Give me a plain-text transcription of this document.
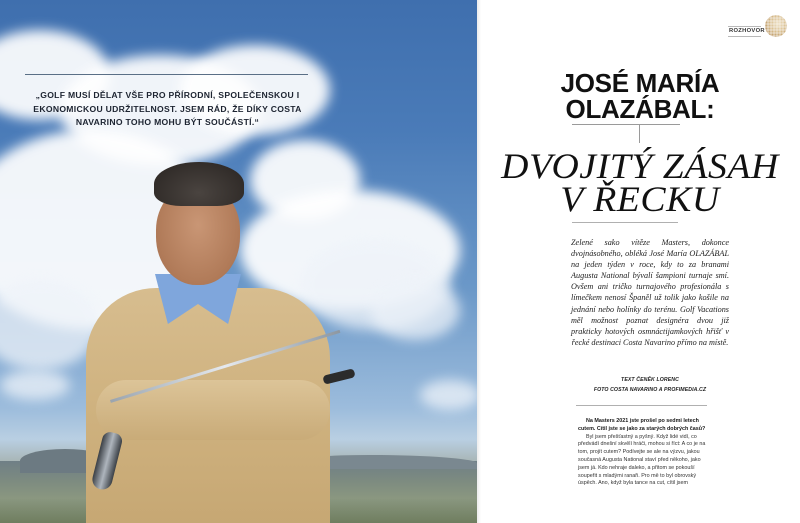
„GOLF MUSÍ DĚLAT VŠE PRO PŘÍRODNÍ, SPOLEČENSKOU I EKONOMICKOU UDRŽITELNOST. JSEM RÁD, ŽE DÍKY COSTA NAVARINO TOHO MOHU BÝT SOUČÁSTÍ.“
ROZHOVOR
JOSÉ MARÍA OLAZÁBAL:
DVOJITÝ ZÁSAH V ŘECKU
Zelené sako vítěze Masters, dokonce dvojnásobného, obléká José María OLAZÁBAL na jeden týden v roce, kdy to za branami Augusta National bývalí šampioni turnaje smí. Ovšem ani tričko turnajového profesionála s límečkem nenosí Španěl už tolik jako košile na jednání nebo holínky do terénu. Golf Vacations měl možnost poznat designéra dvou již prakticky hotových osmnáctijamkových hřišť v řecké destinaci Costa Navarino přímo na místě.
TEXT ČENĚK LORENC
FOTO COSTA NAVARINO A PROFIMEDIA.CZ

Na Masters 2021 jste prošel po sedmi letech cutem. Cítil jste se jako za starých dobrých časů?

Byl jsem přešťastný a pyšný. Když lidé vidí, co předvádí dnešní skvělí hráči, mohou si říct: A co je na tom, projít cutem? Podívejte se ale na výzvu, jakou současná Augusta National staví před někoho, jako jsem já. Kdo nehraje daleko, a přitom se pokouší soupeřit s mladými ranaři. Pro mě to byl obrovský úspěch. Ano, když byla tance na cut, cítil jsem
